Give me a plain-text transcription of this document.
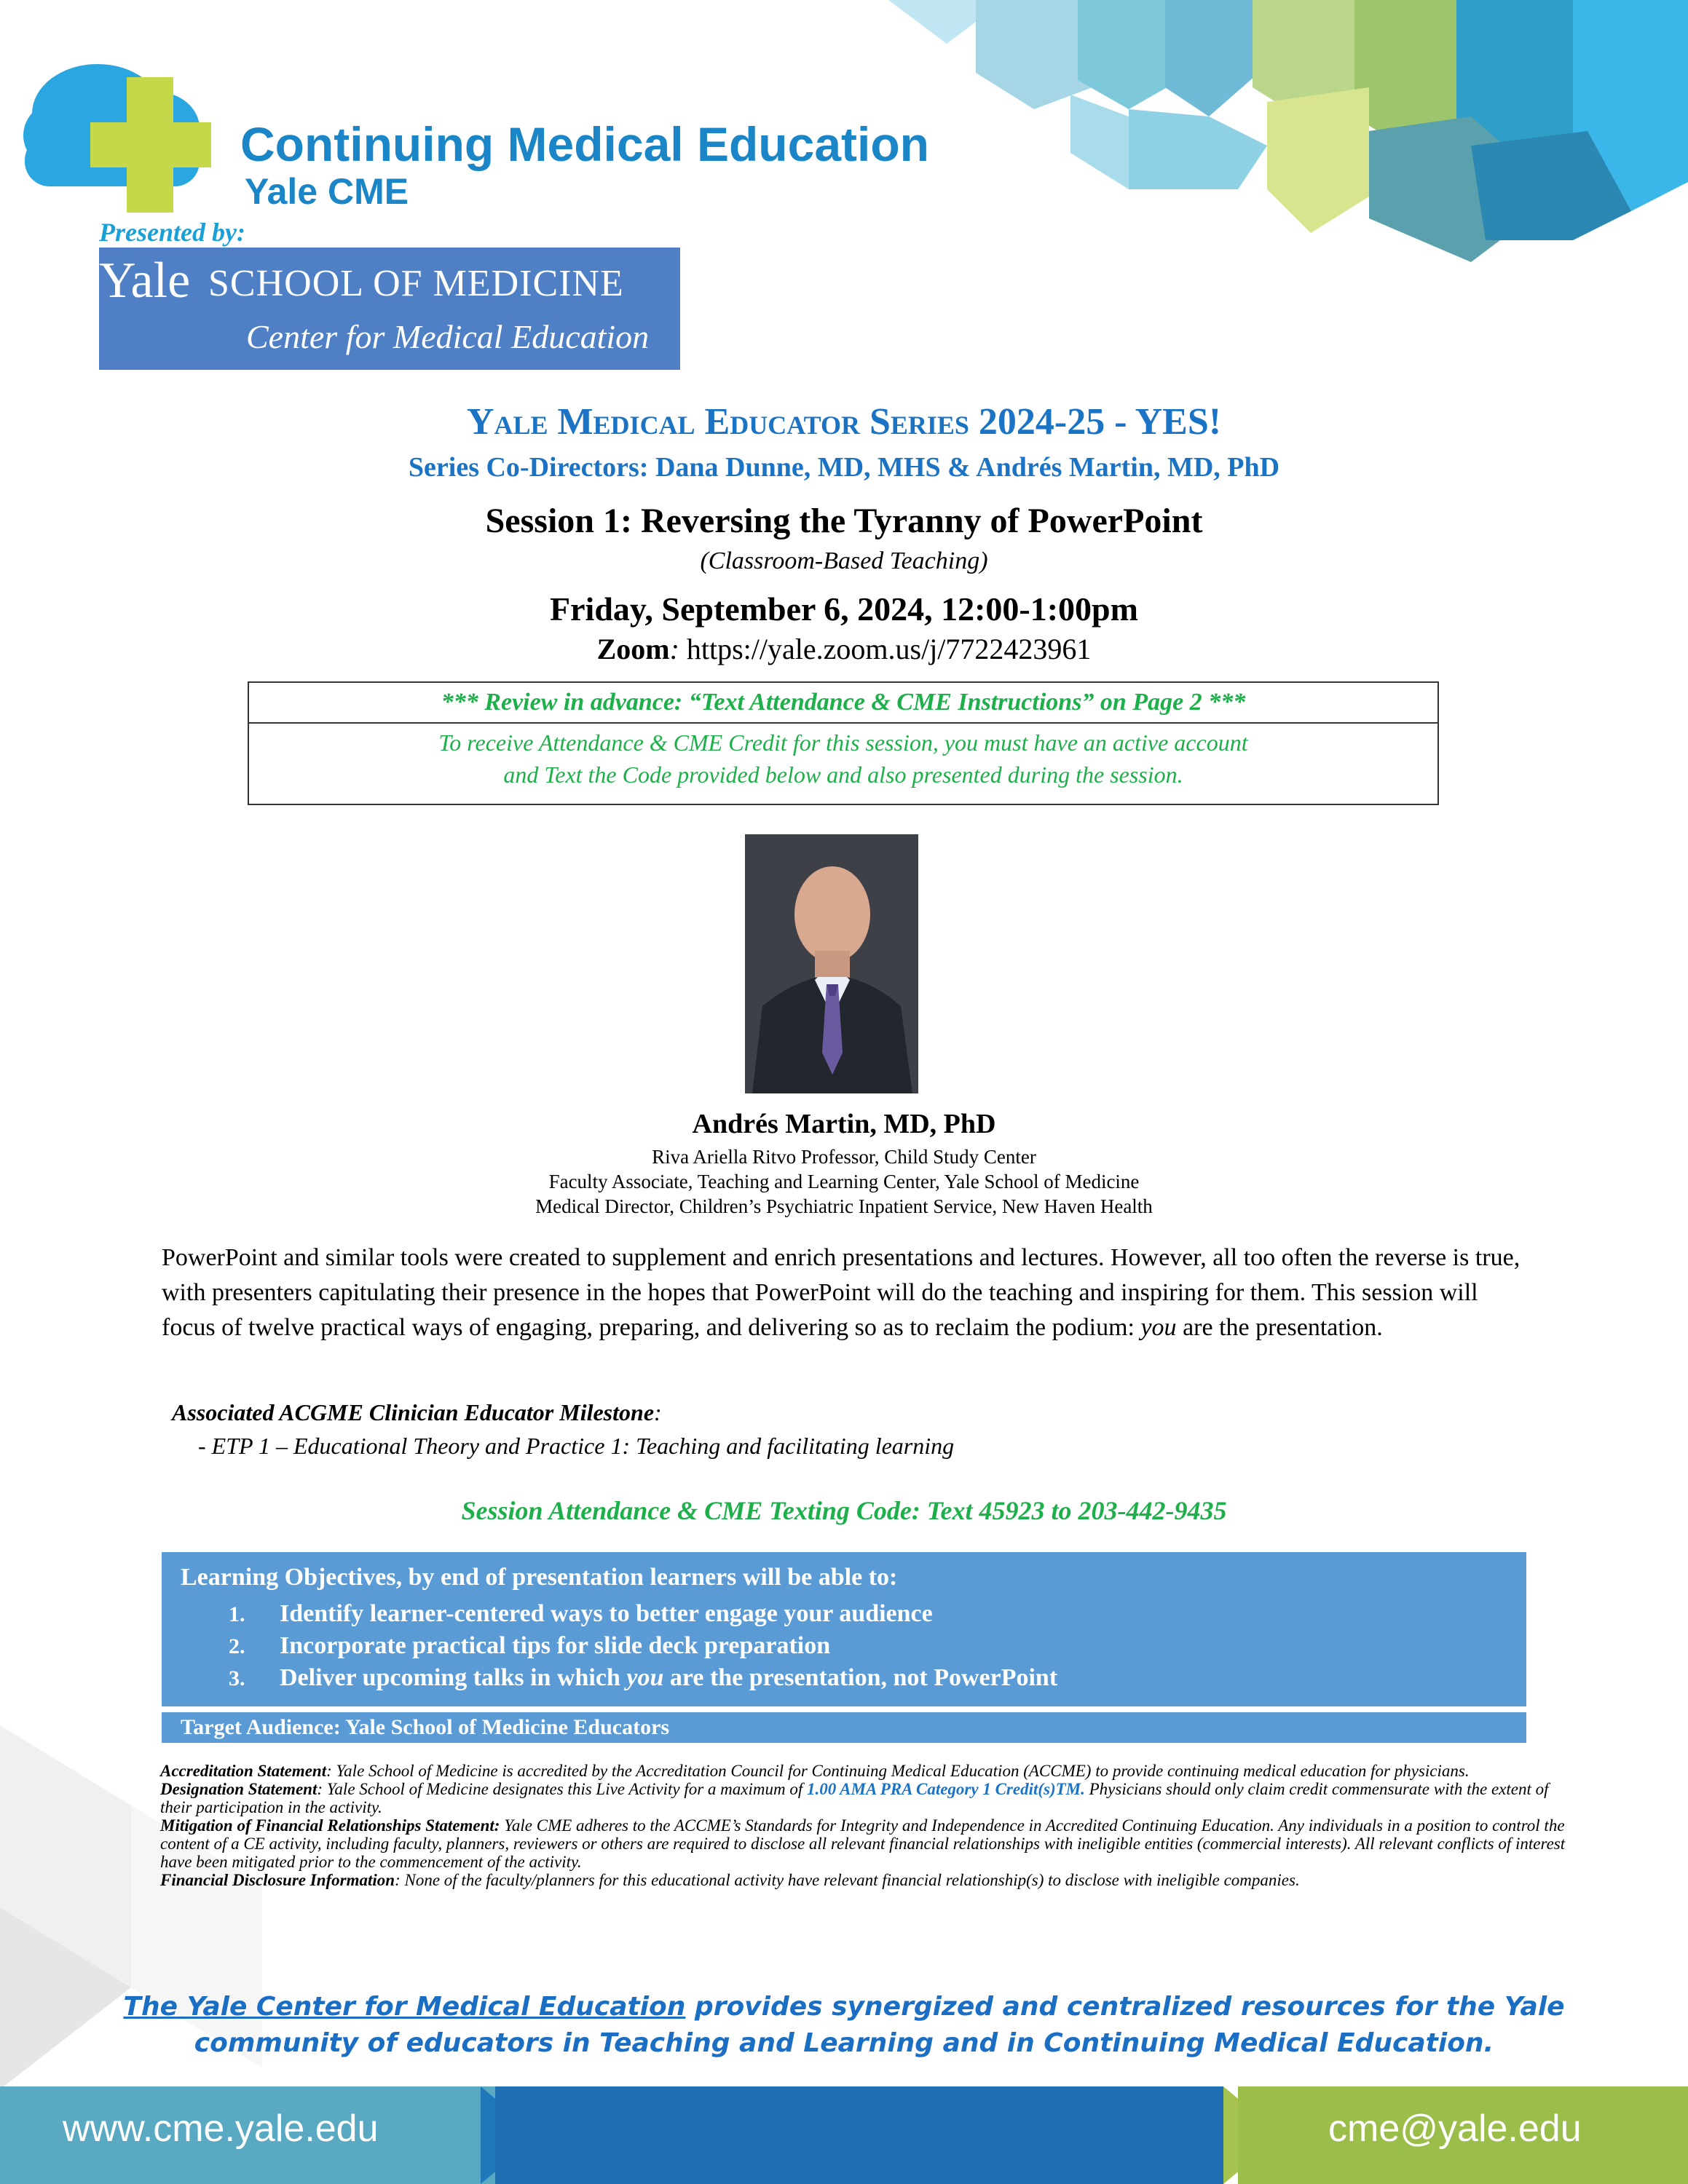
Continuing Medical Education
Yale CME
Presented by:
Yale SCHOOL OF MEDICINE
Center for Medical Education
Yale Medical Educator Series 2024-25 - YES!
Series Co-Directors: Dana Dunne, MD, MHS & Andrés Martin, MD, PhD
Session 1: Reversing the Tyranny of PowerPoint
(Classroom-Based Teaching)
Friday, September 6, 2024, 12:00-1:00pm
Zoom: https://yale.zoom.us/j/7722423961
*** Review in advance: “Text Attendance & CME Instructions” on Page 2 ***
To receive Attendance & CME Credit for this session, you must have an active account
and Text the Code provided below and also presented during the session.
Andrés Martin, MD, PhD
Riva Ariella Ritvo Professor, Child Study Center
Faculty Associate, Teaching and Learning Center, Yale School of Medicine
Medical Director, Children’s Psychiatric Inpatient Service, New Haven Health
PowerPoint and similar tools were created to supplement and enrich presentations and lectures. However, all too often the reverse is true, with presenters capitulating their presence in the hopes that PowerPoint will do the teaching and inspiring for them. This session will focus of twelve practical ways of engaging, preparing, and delivering so as to reclaim the podium: you are the presentation.
Associated ACGME Clinician Educator Milestone:
- ETP 1 – Educational Theory and Practice 1: Teaching and facilitating learning
Session Attendance & CME Texting Code: Text 45923 to 203-442-9435
Learning Objectives, by end of presentation learners will be able to:
1. Identify learner-centered ways to better engage your audience
2. Incorporate practical tips for slide deck preparation
3. Deliver upcoming talks in which you are the presentation, not PowerPoint
Target Audience: Yale School of Medicine Educators
Accreditation Statement: Yale School of Medicine is accredited by the Accreditation Council for Continuing Medical Education (ACCME) to provide continuing medical education for physicians.
Designation Statement: Yale School of Medicine designates this Live Activity for a maximum of 1.00 AMA PRA Category 1 Credit(s)TM. Physicians should only claim credit commensurate with the extent of their participation in the activity.
Mitigation of Financial Relationships Statement: Yale CME adheres to the ACCME’s Standards for Integrity and Independence in Accredited Continuing Education. Any individuals in a position to control the content of a CE activity, including faculty, planners, reviewers or others are required to disclose all relevant financial relationships with ineligible entities (commercial interests). All relevant conflicts of interest have been mitigated prior to the commencement of the activity.
Financial Disclosure Information: None of the faculty/planners for this educational activity have relevant financial relationship(s) to disclose with ineligible companies.
The Yale Center for Medical Education provides synergized and centralized resources for the Yale
community of educators in Teaching and Learning and in Continuing Medical Education.
www.cme.yale.edu	cme@yale.edu
